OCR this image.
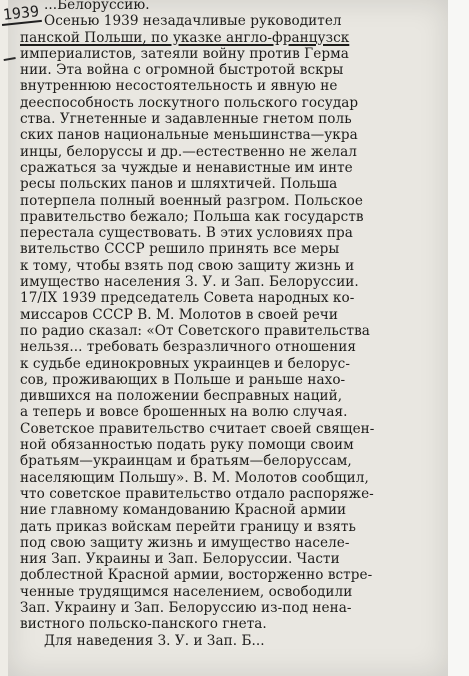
1939 ...Белоруссию.
Осенью 1939 незадачливые руководител
панской Польши, по указке англо-французск
империалистов, затеяли войну против Герма
нии. Эта война с огромной быстротой вскры
внутреннюю несостоятельность и явную не
дееспособность лоскутного польского государ
ства. Угнетенные и задавленные гнетом поль
ских панов национальные меньшинства—укра
инцы, белоруссы и др.—естественно не желал
сражаться за чуждые и ненавистные им инте
ресы польских панов и шляхтичей. Польша
потерпела полный военный разгром. Польское
правительство бежало; Польша как государств
перестала существовать. В этих условиях пра
вительство СССР решило принять все меры
к тому, чтобы взять под свою защиту жизнь и
имущество населения З. У. и Зап. Белоруссии.
17/IX 1939 председатель Совета народных ко-
миссаров СССР В. М. Молотов в своей речи
по радио сказал: «От Советского правительства
нельзя... требовать безразличного отношения
к судьбе единокровных украинцев и белорус-
сов, проживающих в Польше и раньше нахо-
дившихся на положении бесправных наций,
а теперь и вовсе брошенных на волю случая.
Советское правительство считает своей священ-
ной обязанностью подать руку помощи своим
братьям—украинцам и братьям—белоруссам,
населяющим Польшу». В. М. Молотов сообщил,
что советское правительство отдало распоряже-
ние главному командованию Красной армии
дать приказ войскам перейти границу и взять
под свою защиту жизнь и имущество населе-
ния Зап. Украины и Зап. Белоруссии. Части
доблестной Красной армии, восторженно встре-
ченные трудящимся населением, освободили
Зап. Украину и Зап. Белоруссию из-под нена-
вистного польско-панского гнета.
Для наведения З. У. и Зап. Б...
